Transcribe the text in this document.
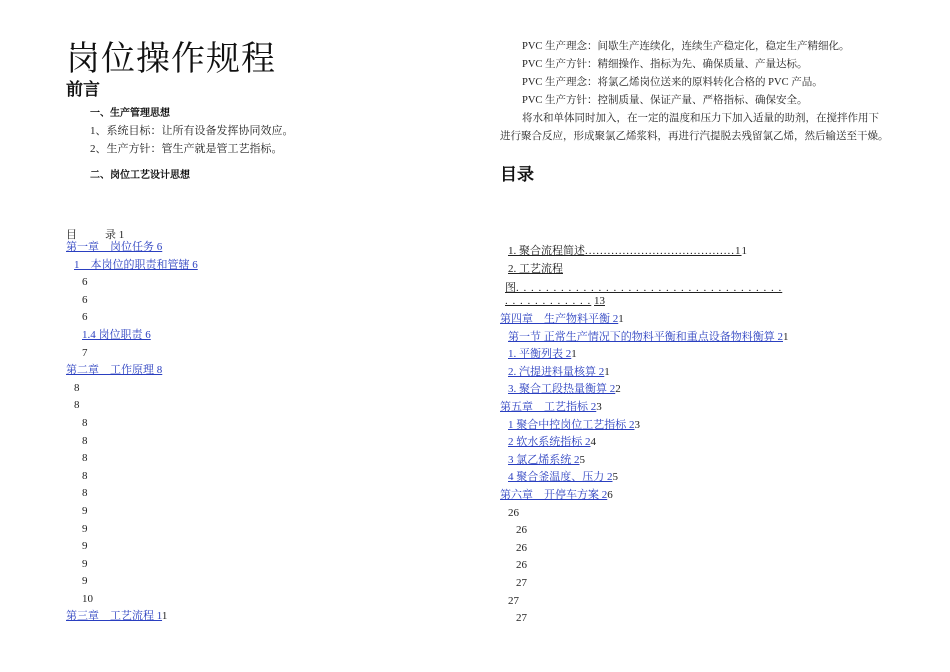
岗位操作规程
前言
一、生产管理思想
1、系统目标：让所有设备发挥协同效应。
2、生产方针：管生产就是管工艺指标。
二、岗位工艺设计思想
目	录 1
第一章　岗位任务 6
1　本岗位的职责和管辖 6
6
6
6
1.4 岗位职责 6
7
第二章　工作原理 8
8
8
8
8
8
8
8
9
9
9
9
9
10
第三章　工艺流程 11
PVC 生产理念：间歇生产连续化，连续生产稳定化，稳定生产精细化。
PVC 生产方针：精细操作、指标为先、确保质量、产量达标。
PVC 生产理念：将氯乙烯岗位送来的原料转化合格的 PVC 产品。
PVC 生产方针：控制质量、保证产量、严格指标、确保安全。
将水和单体同时加入，在一定的温度和压力下加入适量的助剂，在搅拌作用下
进行聚合反应，形成聚氯乙烯浆料，再进行汽提脱去残留氯乙烯，然后输送至干燥。
目录
1. 聚合流程简述........................................11
2. 工艺流程
图. . . . . . . . . . . . . . . . . . . . . . . . . . . . . . . . . . . .
. . . . . . . . . . . . 13
第四章　生产物料平衡 21
第一节 正常生产情况下的物料平衡和重点设备物料衡算 21
1. 平衡列表 21
2. 汽提进料量核算 21
3. 聚合工段热量衡算 22
第五章　工艺指标 23
1 聚合中控岗位工艺指标 23
2 软水系统指标 24
3 氯乙烯系统 25
4 聚合釜温度、压力 25
第六章　开停车方案 26
26
26
26
26
27
27
27
